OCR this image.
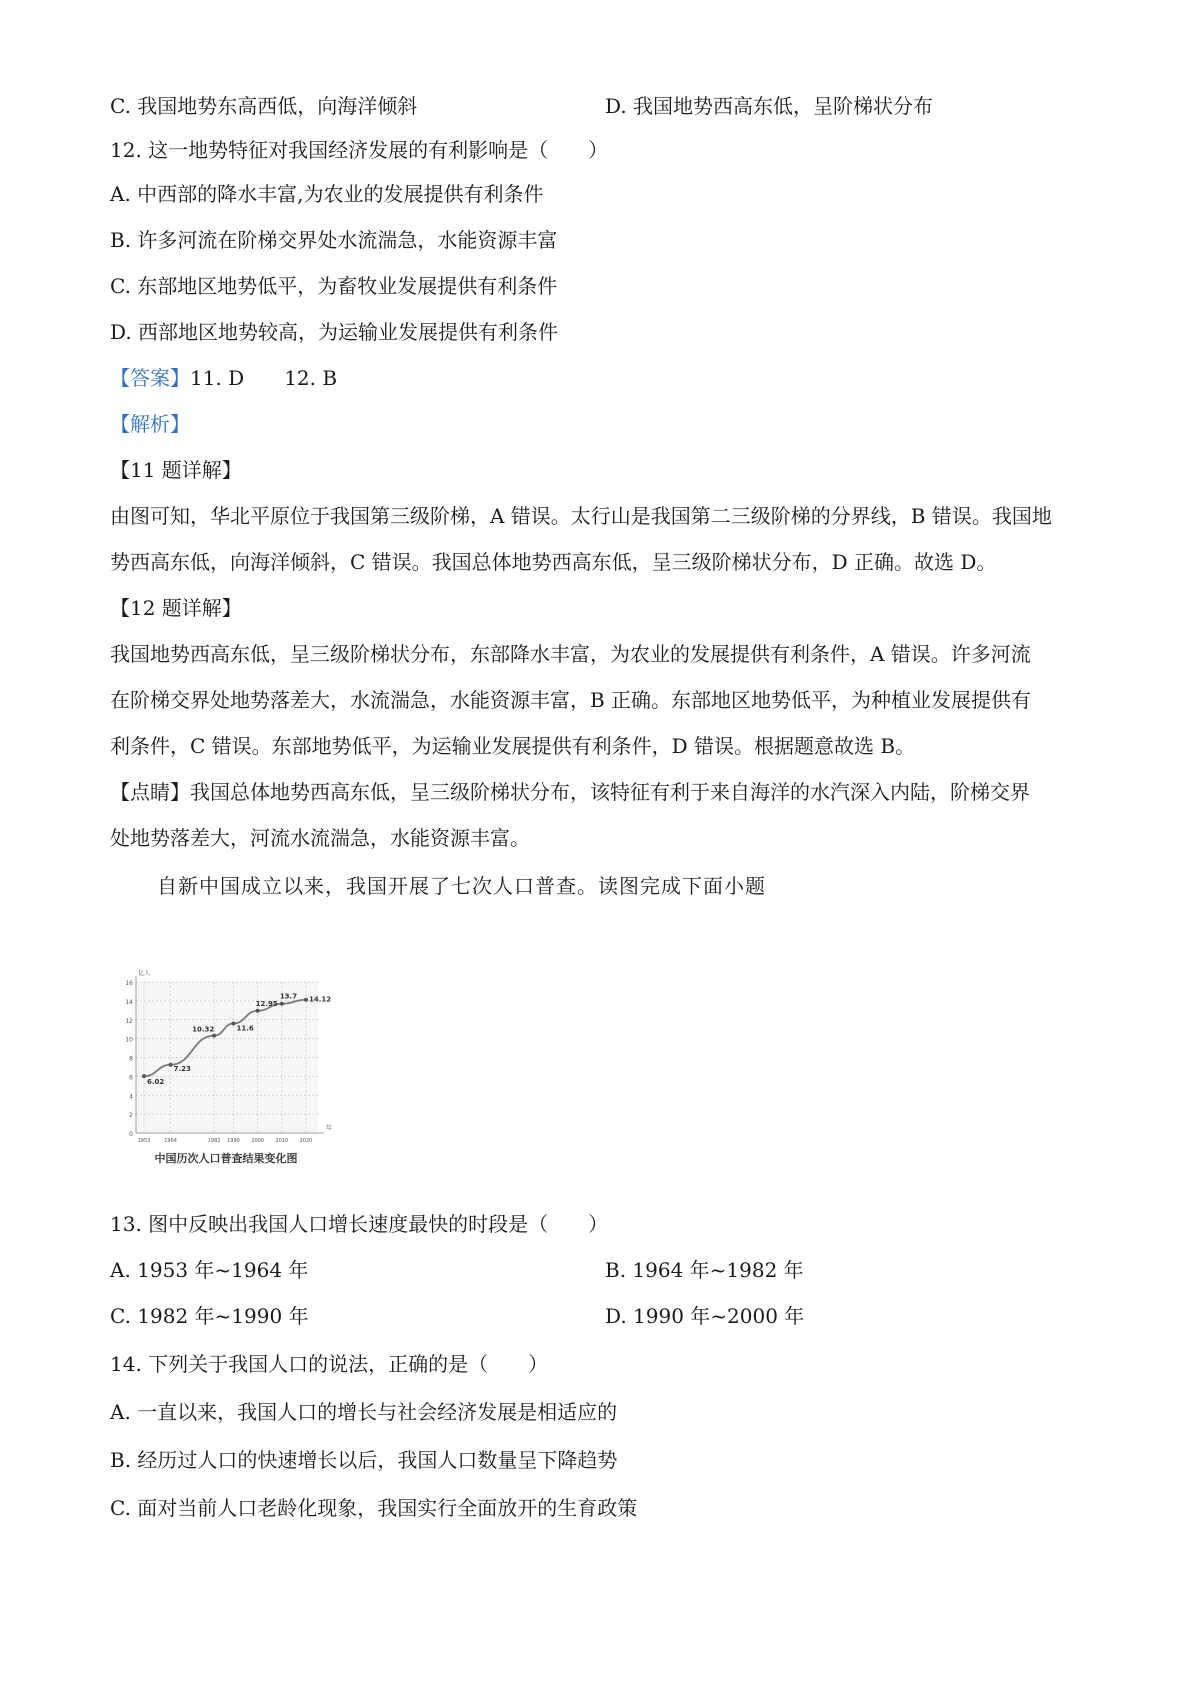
C. 我国地势东高西低，向海洋倾斜	D. 我国地势西高东低，呈阶梯状分布
12. 这一地势特征对我国经济发展的有利影响是（　　）
A. 中西部的降水丰富,为农业的发展提供有利条件
B. 许多河流在阶梯交界处水流湍急，水能资源丰富
C. 东部地区地势低平，为畜牧业发展提供有利条件
D. 西部地区地势较高，为运输业发展提供有利条件
【答案】11. D　　12. B
【解析】
【11 题详解】
由图可知，华北平原位于我国第三级阶梯，A 错误。太行山是我国第二三级阶梯的分界线，B 错误。我国地
势西高东低，向海洋倾斜，C 错误。我国总体地势西高东低，呈三级阶梯状分布，D 正确。故选 D。
【12 题详解】
我国地势西高东低，呈三级阶梯状分布，东部降水丰富，为农业的发展提供有利条件，A 错误。许多河流
在阶梯交界处地势落差大，水流湍急，水能资源丰富，B 正确。东部地区地势低平，为种植业发展提供有
利条件，C 错误。东部地势低平，为运输业发展提供有利条件，D 错误。根据题意故选 B。
【点睛】我国总体地势西高东低，呈三级阶梯状分布，该特征有利于来自海洋的水汽深入内陆，阶梯交界
处地势落差大，河流水流湍急，水能资源丰富。
自新中国成立以来，我国开展了七次人口普查。读图完成下面小题
0
2
4
6
8
10
12
14
16
1953	1964	1982 1990 2000 2010 2020
亿人
年
6.02
7.23
10.32	11.6
12.95
13.7 14.12
中国历次人口普查结果变化图
13. 图中反映出我国人口增长速度最快的时段是（　　）
A. 1953 年~1964 年	B. 1964 年~1982 年
C. 1982 年~1990 年	D. 1990 年~2000 年
14. 下列关于我国人口的说法，正确的是（　　）
A. 一直以来，我国人口的增长与社会经济发展是相适应的
B. 经历过人口的快速增长以后，我国人口数量呈下降趋势
C. 面对当前人口老龄化现象，我国实行全面放开的生育政策
